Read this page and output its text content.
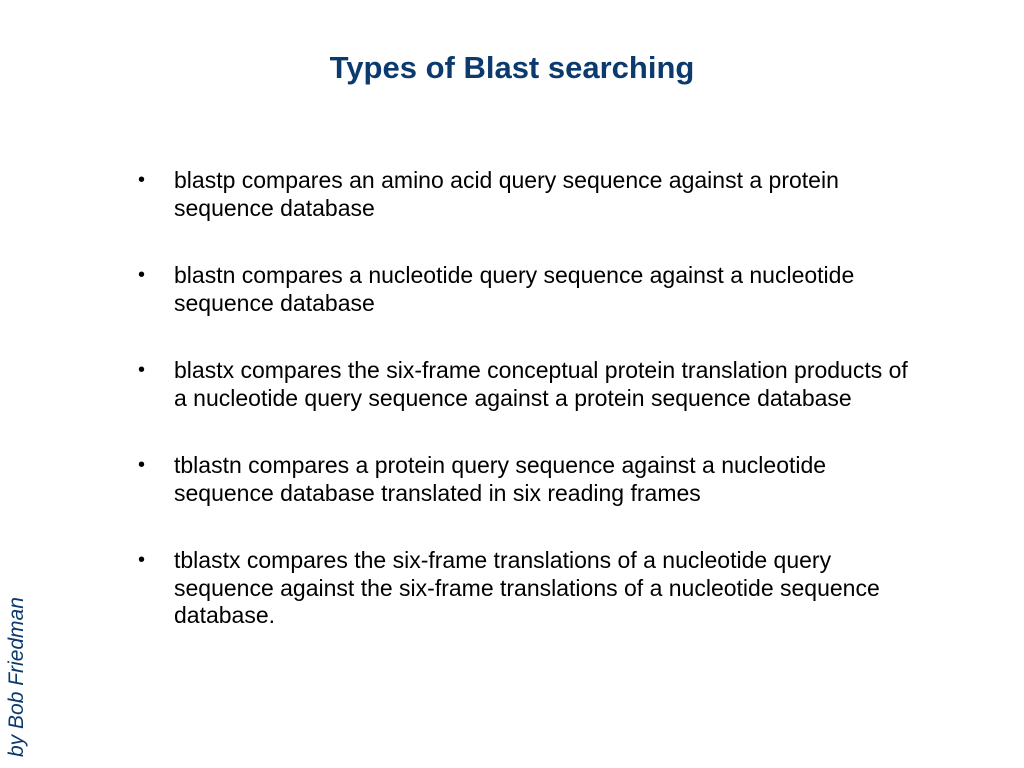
Types of Blast searching
• blastp compares an amino acid query sequence against a protein sequence database
• blastn compares a nucleotide query sequence against a nucleotide sequence database
• blastx compares the six-frame conceptual protein translation products of a nucleotide query sequence against a protein sequence database
• tblastn compares a protein query sequence against a nucleotide sequence database translated in six reading frames
• tblastx compares the six-frame translations of a nucleotide query sequence against the six-frame translations of a nucleotide sequence database.
by Bob Friedman
